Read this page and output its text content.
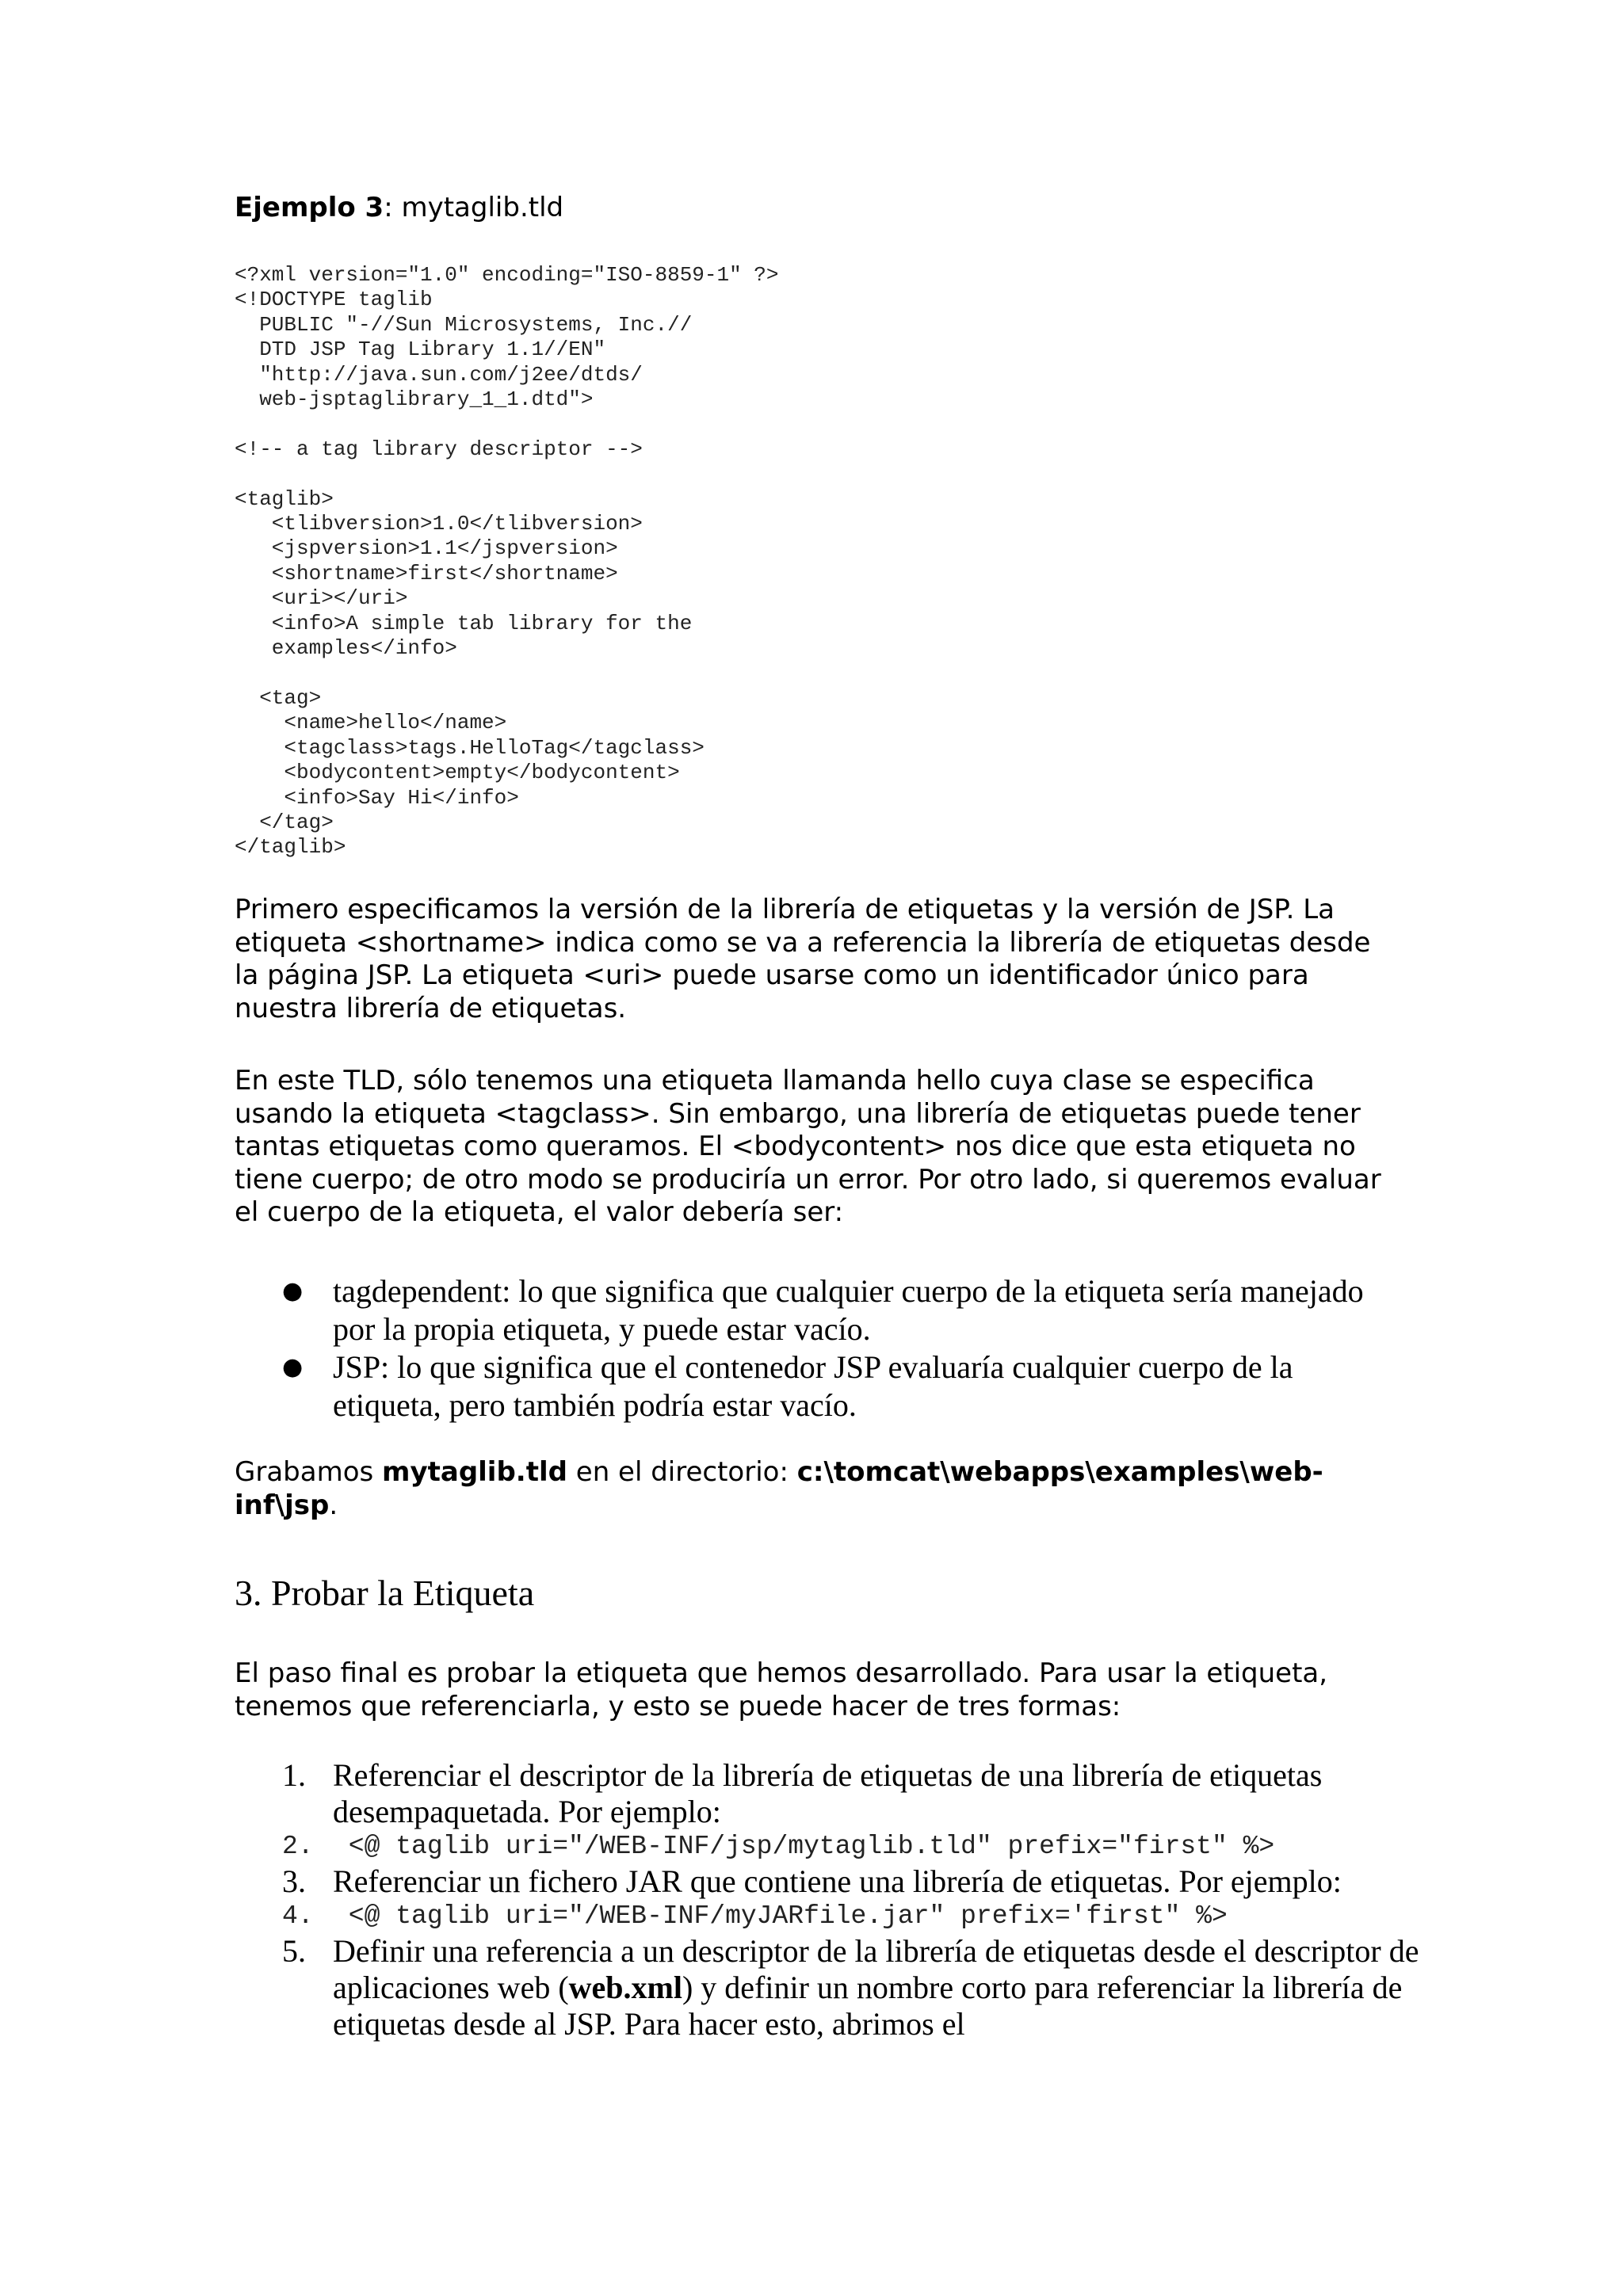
Ejemplo 3: mytaglib.tld

<?xml version="1.0" encoding="ISO-8859-1" ?>
<!DOCTYPE taglib
PUBLIC "-//Sun Microsystems, Inc.//
DTD JSP Tag Library 1.1//EN"
"http://java.sun.com/j2ee/dtds/
web-jsptaglibrary_1_1.dtd">

<!-- a tag library descriptor -->

<taglib>
<tlibversion>1.0</tlibversion>
<jspversion>1.1</jspversion>
<shortname>first</shortname>
<uri></uri>
<info>A simple tab library for the
examples</info>

<tag>
<name>hello</name>
<tagclass>tags.HelloTag</tagclass>
<bodycontent>empty</bodycontent>
<info>Say Hi</info>
</tag>
</taglib>

Primero especificamos la versión de la librería de etiquetas y la versión de JSP. La etiqueta <shortname> indica como se va a referencia la librería de etiquetas desde la página JSP. La etiqueta <uri> puede usarse como un identificador único para nuestra librería de etiquetas.

En este TLD, sólo tenemos una etiqueta llamanda hello cuya clase se especifica usando la etiqueta <tagclass>. Sin embargo, una librería de etiquetas puede tener tantas etiquetas como queramos. El <bodycontent> nos dice que esta etiqueta no tiene cuerpo; de otro modo se produciría un error. Por otro lado, si queremos evaluar el cuerpo de la etiqueta, el valor debería ser:

● tagdependent: lo que significa que cualquier cuerpo de la etiqueta sería manejado por la propia etiqueta, y puede estar vacío.
● JSP: lo que significa que el contenedor JSP evaluaría cualquier cuerpo de la etiqueta, pero también podría estar vacío.

Grabamos mytaglib.tld en el directorio: c:\tomcat\webapps\examples\web-inf\jsp.

3. Probar la Etiqueta

El paso final es probar la etiqueta que hemos desarrollado. Para usar la etiqueta, tenemos que referenciarla, y esto se puede hacer de tres formas:

1. Referenciar el descriptor de la librería de etiquetas de una librería de etiquetas desempaquetada. Por ejemplo:
2. <@ taglib uri="/WEB-INF/jsp/mytaglib.tld" prefix="first" %>
3. Referenciar un fichero JAR que contiene una librería de etiquetas. Por ejemplo:
4. <@ taglib uri="/WEB-INF/myJARfile.jar" prefix='first" %>
5. Definir una referencia a un descriptor de la librería de etiquetas desde el descriptor de aplicaciones web (web.xml) y definir un nombre corto para referenciar la librería de etiquetas desde al JSP. Para hacer esto, abrimos el
